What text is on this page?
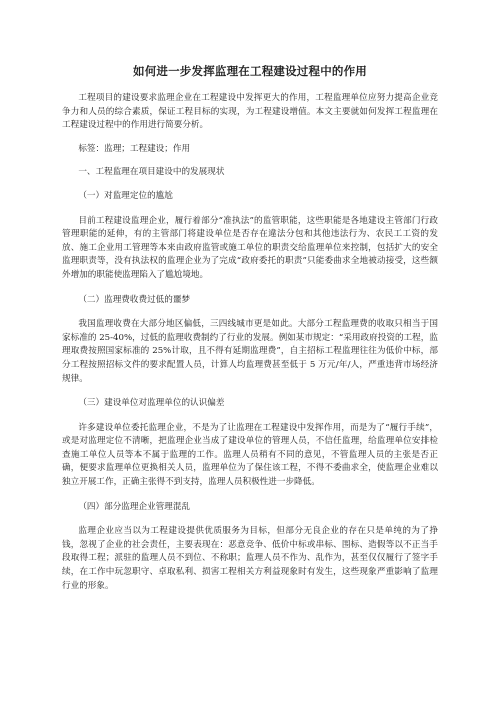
如何进一步发挥监理在工程建设过程中的作用

工程项目的建设要求监理企业在工程建设中发挥更大的作用，工程监理单位应努力提高企业竞争力和人员的综合素质，保证工程目标的实现，为工程建设增值。本文主要就如何发挥工程监理在工程建设过程中的作用进行简要分析。

标签：监理；工程建设；作用

一、工程监理在项目建设中的发展现状

（一）对监理定位的尴尬

目前工程建设监理企业，履行着部分“准执法”的监管职能，这些职能是各地建设主管部门行政管理职能的延伸，有的主管部门将建设单位是否存在違法分包和其他违法行为、农民工工资的发放、施工企业用工管理等本来由政府监管或施工单位的职责交给监理单位来控制，包括扩大的安全监理职责等，没有执法权的监理企业为了完成“政府委托的职责”只能委曲求全地被动接受，这些额外增加的职能使监理陷入了尴尬境地。

（二）监理费收费过低的噩梦

我国监理收费在大部分地区偏低，三四线城市更是如此。大部分工程监理费的收取只相当于国家标准的 25-40%，过低的监理收费制约了行业的发展。例如某市规定：“采用政府投资的工程，监理取费按照国家标准的 25%计取，且不得有延期监理费”，自主招标工程监理往往为低价中标，部分工程按照招标文件的要求配置人员，计算人均监理费甚至低于 5 万元/年/人，严重违背市场经济规律。

（三）建设单位对监理单位的认识偏差

许多建设单位委托监理企业，不是为了让监理在工程建设中发挥作用，而是为了“履行手续”，或是对监理定位不清晰，把监理企业当成了建设单位的管理人员，不信任监理，给监理单位安排检查施工单位人员等本不属于监理的工作。监理人员稍有不同的意见，不管监理人员的主张是否正确，便要求监理单位更换相关人员，监理单位为了保住该工程，不得不委曲求全，使监理企业难以独立开展工作，正确主张得不到支持，监理人员积极性进一步降低。

（四）部分监理企业管理混乱

监理企业应当以为工程建设提供优质服务为目标，但部分无良企业的存在只是单纯的为了挣钱，忽视了企业的社会责任，主要表现在：恶意竞争、低价中标或串标、围标、造假等以不正当手段取得工程；派驻的监理人员不到位、不称职；监理人员不作为、乱作为，甚至仅仅履行了签字手续，在工作中玩忽职守、卓取私利、损害工程相关方利益现象时有发生，这些现象严重影响了监理行业的形象。
